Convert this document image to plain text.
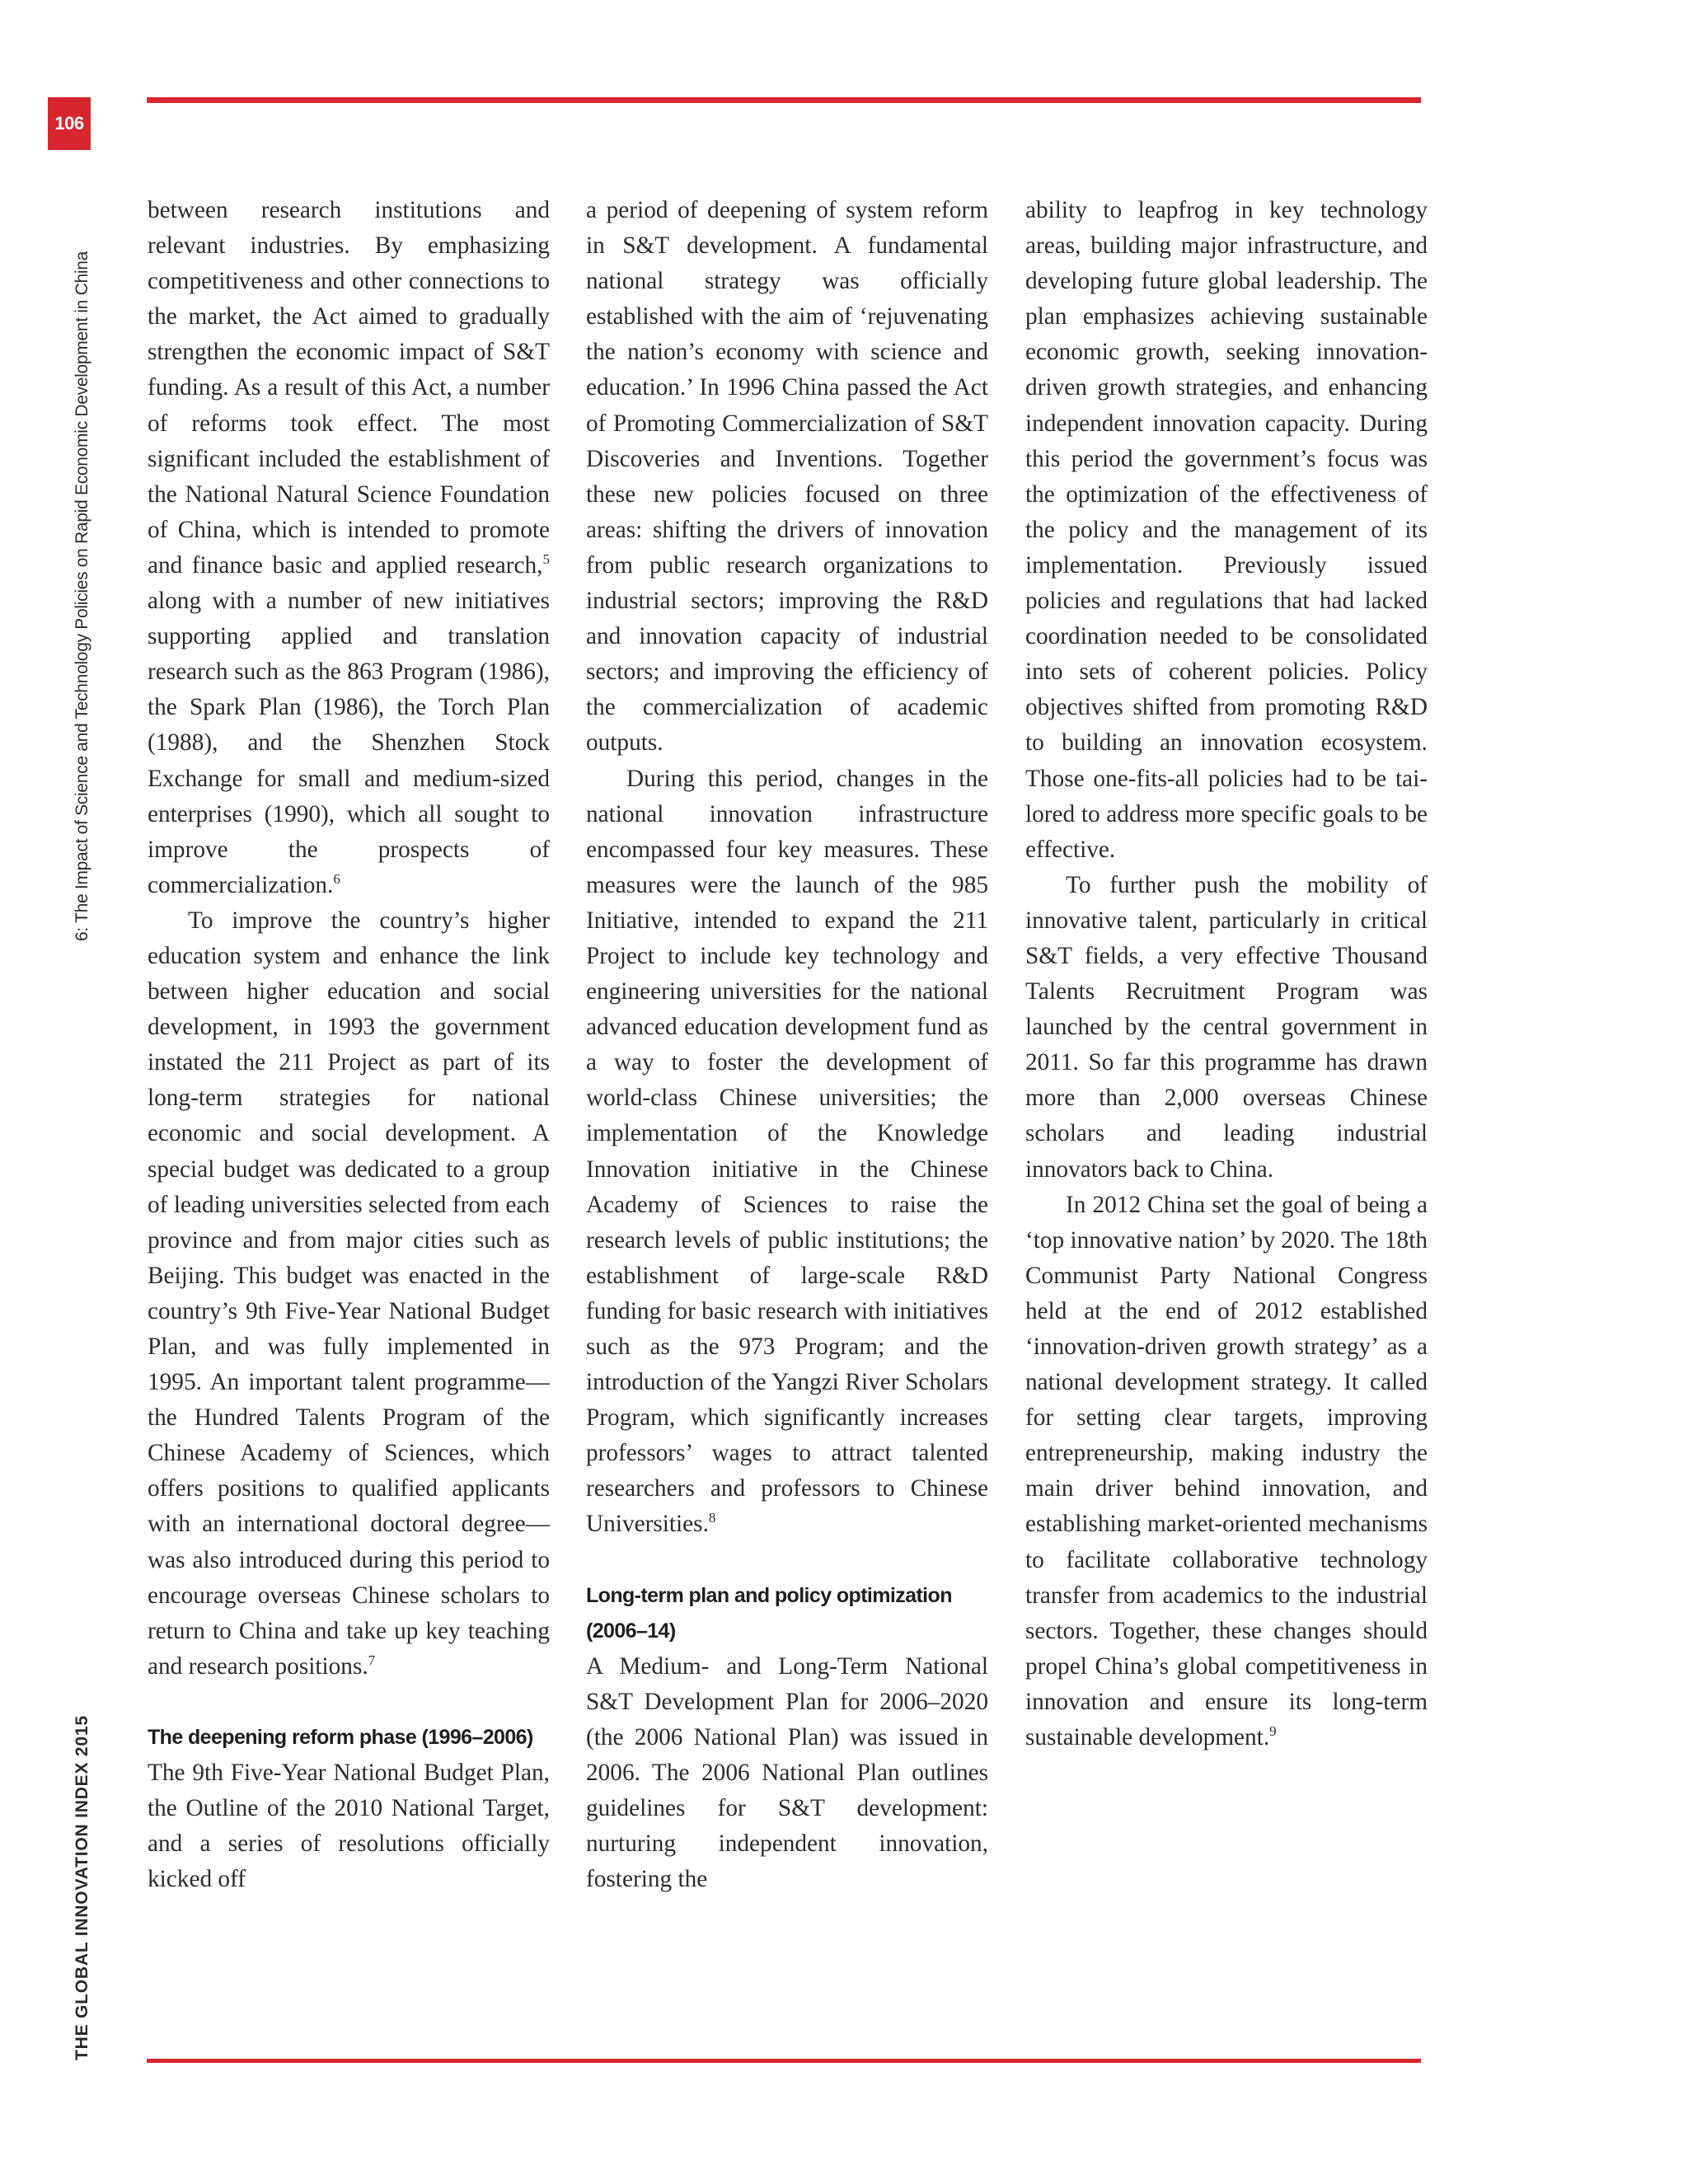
106
6: The Impact of Science and Technology Policies on Rapid Economic Development in China
THE GLOBAL INNOVATION INDEX 2015

between research institutions and relevant industries. By emphasizing competitiveness and other connections to the market, the Act aimed to gradually strengthen the economic impact of S&T funding. As a result of this Act, a number of reforms took effect. The most significant included the establishment of the National Natural Science Foundation of China, which is intended to promote and finance basic and applied research,$^5$ along with a number of new initiatives supporting applied and translation research such as the 863 Program (1986), the Spark Plan (1986), the Torch Plan (1988), and the Shenzhen Stock Exchange for small and medium-sized enterprises (1990), which all sought to improve the prospects of commercialization.$^6$

To improve the country’s higher education system and enhance the link between higher education and social development, in 1993 the government instated the 211 Project as part of its long-term strategies for national economic and social development. A special budget was dedicated to a group of leading universities selected from each province and from major cities such as Beijing. This budget was enacted in the country’s 9th Five-Year National Budget Plan, and was fully implemented in 1995. An important talent programme—the Hundred Talents Program of the Chinese Academy of Sciences, which offers positions to qualified applicants with an international doctoral degree—was also introduced during this period to encourage overseas Chinese scholars to return to China and take up key teaching and research positions.$^7$

The deepening reform phase (1996–2006)

The 9th Five-Year National Budget Plan, the Outline of the 2010 National Target, and a series of resolutions officially kicked off

a period of deepening of system reform in S&T development. A fundamental national strategy was officially established with the aim of ‘rejuvenating the nation’s economy with science and education.’ In 1996 China passed the Act of Promoting Commercialization of S&T Discoveries and Inventions. Together these new policies focused on three areas: shifting the drivers of innovation from public research organizations to industrial sectors; improving the R&D and innovation capacity of industrial sectors; and improving the efficiency of the commercialization of academic outputs.

During this period, changes in the national innovation infrastructure encompassed four key measures. These measures were the launch of the 985 Initiative, intended to expand the 211 Project to include key technology and engineering universities for the national advanced education development fund as a way to foster the development of world-class Chinese universities; the implementation of the Knowledge Innovation initiative in the Chinese Academy of Sciences to raise the research levels of public institutions; the establishment of large-scale R&D funding for basic research with initiatives such as the 973 Program; and the introduction of the Yangzi River Scholars Program, which significantly increases professors’ wages to attract talented researchers and professors to Chinese Universities.$^8$

Long-term plan and policy optimization (2006–14)

A Medium- and Long-Term National S&T Development Plan for 2006–2020 (the 2006 National Plan) was issued in 2006. The 2006 National Plan outlines guidelines for S&T development: nurturing independent innovation, fostering the

ability to leapfrog in key technology areas, building major infrastructure, and developing future global leadership. The plan emphasizes achieving sustainable economic growth, seeking innovation-driven growth strategies, and enhancing independent innovation capacity. During this period the government’s focus was the optimization of the effectiveness of the policy and the management of its implementation. Previously issued policies and regulations that had lacked coordination needed to be consolidated into sets of coherent policies. Policy objectives shifted from promoting R&D to building an innovation ecosystem. Those one-fits-all policies had to be tailored to address more specific goals to be effective.

To further push the mobility of innovative talent, particularly in critical S&T fields, a very effective Thousand Talents Recruitment Program was launched by the central government in 2011. So far this programme has drawn more than 2,000 overseas Chinese scholars and leading industrial innovators back to China.

In 2012 China set the goal of being a ‘top innovative nation’ by 2020. The 18th Communist Party National Congress held at the end of 2012 established ‘innovation-driven growth strategy’ as a national development strategy. It called for setting clear targets, improving entrepreneurship, making industry the main driver behind innovation, and establishing market-oriented mechanisms to facilitate collaborative technology transfer from academics to the industrial sectors. Together, these changes should propel China’s global competitiveness in innovation and ensure its long-term sustainable development.$^9$
